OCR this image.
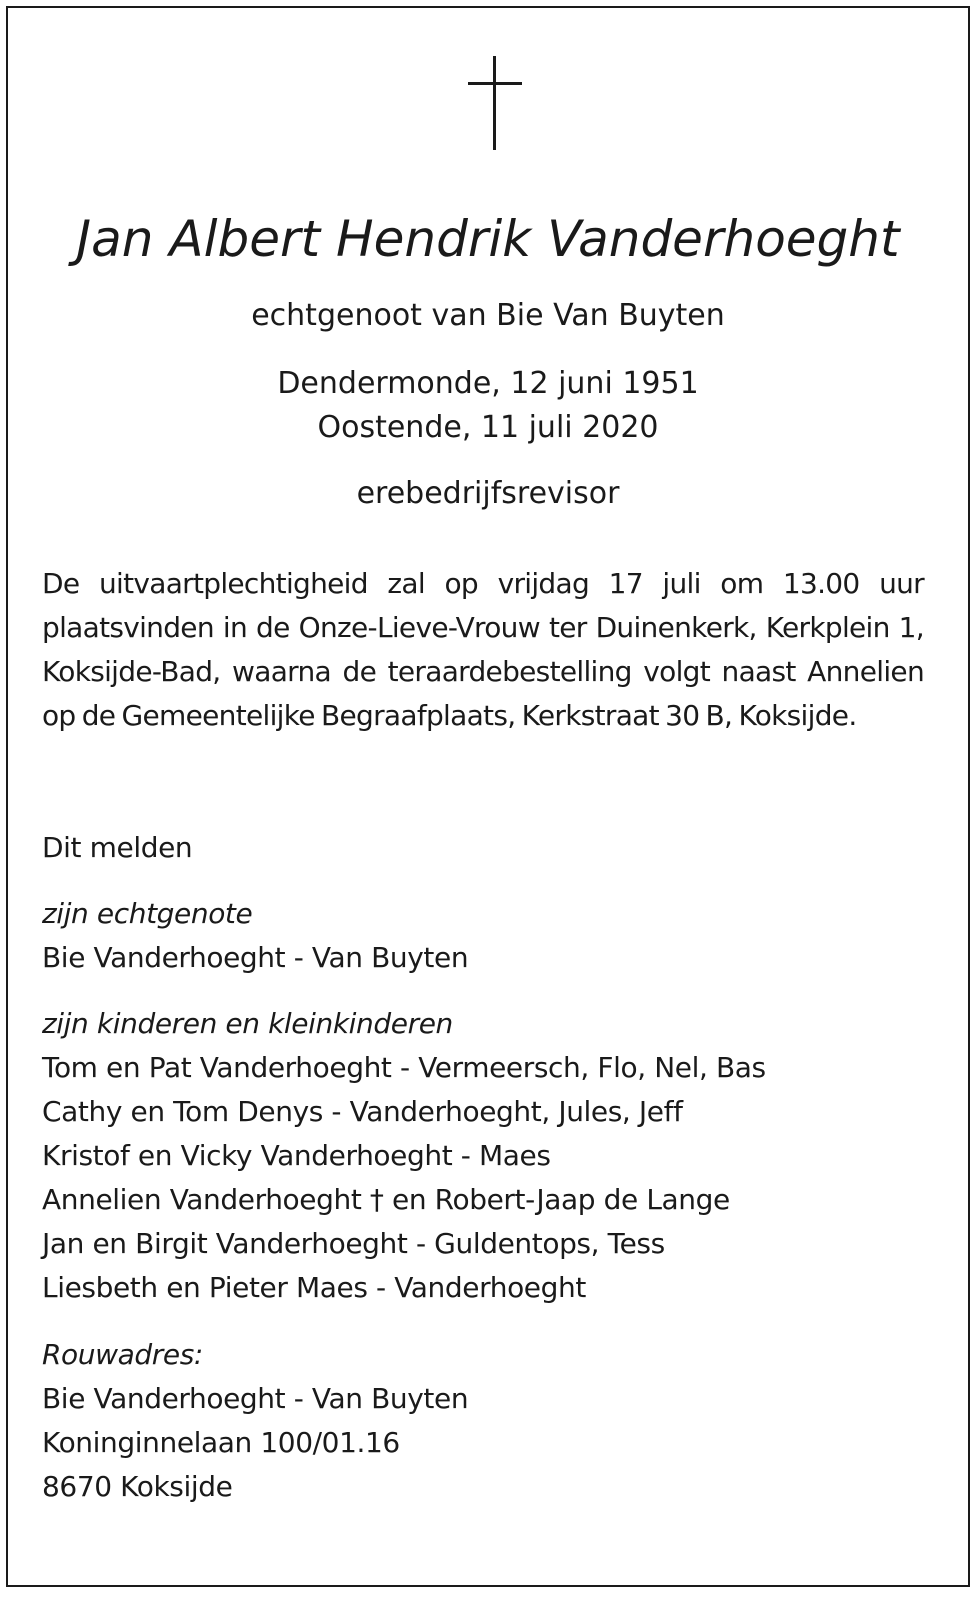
Jan Albert Hendrik Vanderhoeght
echtgenoot van Bie Van Buyten
Dendermonde, 12 juni 1951
Oostende, 11 juli 2020
erebedrijfsrevisor
De uitvaartplechtigheid zal op vrijdag 17 juli om 13.00 uur plaatsvinden in de Onze-Lieve-Vrouw ter Duinenkerk, Kerkplein 1, Koksijde-Bad, waarna de teraardebestelling volgt naast Annelien op de Gemeentelijke Begraafplaats, Kerkstraat 30 B, Koksijde.
Dit melden
zijn echtgenote
Bie Vanderhoeght - Van Buyten
zijn kinderen en kleinkinderen
Tom en Pat Vanderhoeght - Vermeersch, Flo, Nel, Bas
Cathy en Tom Denys - Vanderhoeght, Jules, Jeff
Kristof en Vicky Vanderhoeght - Maes
Annelien Vanderhoeght † en Robert-Jaap de Lange
Jan en Birgit Vanderhoeght - Guldentops, Tess
Liesbeth en Pieter Maes - Vanderhoeght
Rouwadres:
Bie Vanderhoeght - Van Buyten
Koninginnelaan 100/01.16
8670 Koksijde
